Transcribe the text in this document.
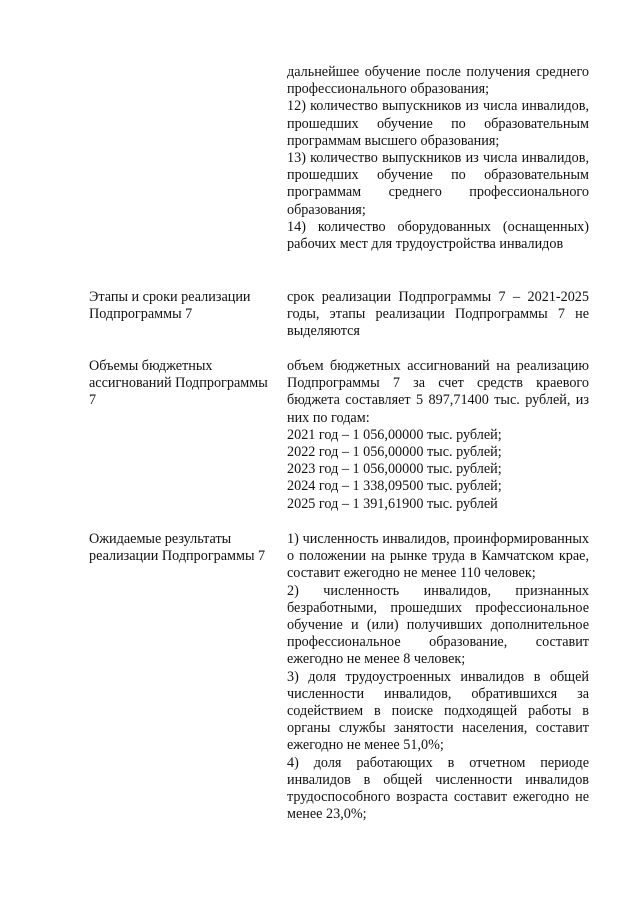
дальнейшее обучение после получения среднего профессионального образования;

12) количество выпускников из числа инвалидов, прошедших обучение по образовательным программам высшего образования;

13) количество выпускников из числа инвалидов, прошедших обучение по образовательным программам среднего профессионального образования;

14) количество оборудованных (оснащенных) рабочих мест для трудоустройства инвалидов

Этапы и сроки реализации Подпрограммы 7

срок реализации Подпрограммы 7 – 2021-2025 годы, этапы реализации Подпрограммы 7 не выделяются

Объемы бюджетных ассигнований Подпрограммы 7

объем бюджетных ассигнований на реализацию Подпрограммы 7 за счет средств краевого бюджета составляет 5 897,71400 тыс. рублей, из них по годам:

2021 год – 1 056,00000 тыс. рублей;
2022 год – 1 056,00000 тыс. рублей;
2023 год – 1 056,00000 тыс. рублей;
2024 год – 1 338,09500 тыс. рублей;
2025 год – 1 391,61900 тыс. рублей
Ожидаемые результаты реализации Подпрограммы 7

1) численность инвалидов, проинформированных о положении на рынке труда в Камчатском крае, составит ежегодно не менее 110 человек;

2) численность инвалидов, признанных безработными, прошедших профессиональное обучение и (или) получивших дополнительное профессиональное образование, составит ежегодно не менее 8 человек;

3) доля трудоустроенных инвалидов в общей численности инвалидов, обратившихся за содействием в поиске подходящей работы в органы службы занятости населения, составит ежегодно не менее 51,0%;

4) доля работающих в отчетном периоде инвалидов в общей численности инвалидов трудоспособного возраста составит ежегодно не менее 23,0%;
